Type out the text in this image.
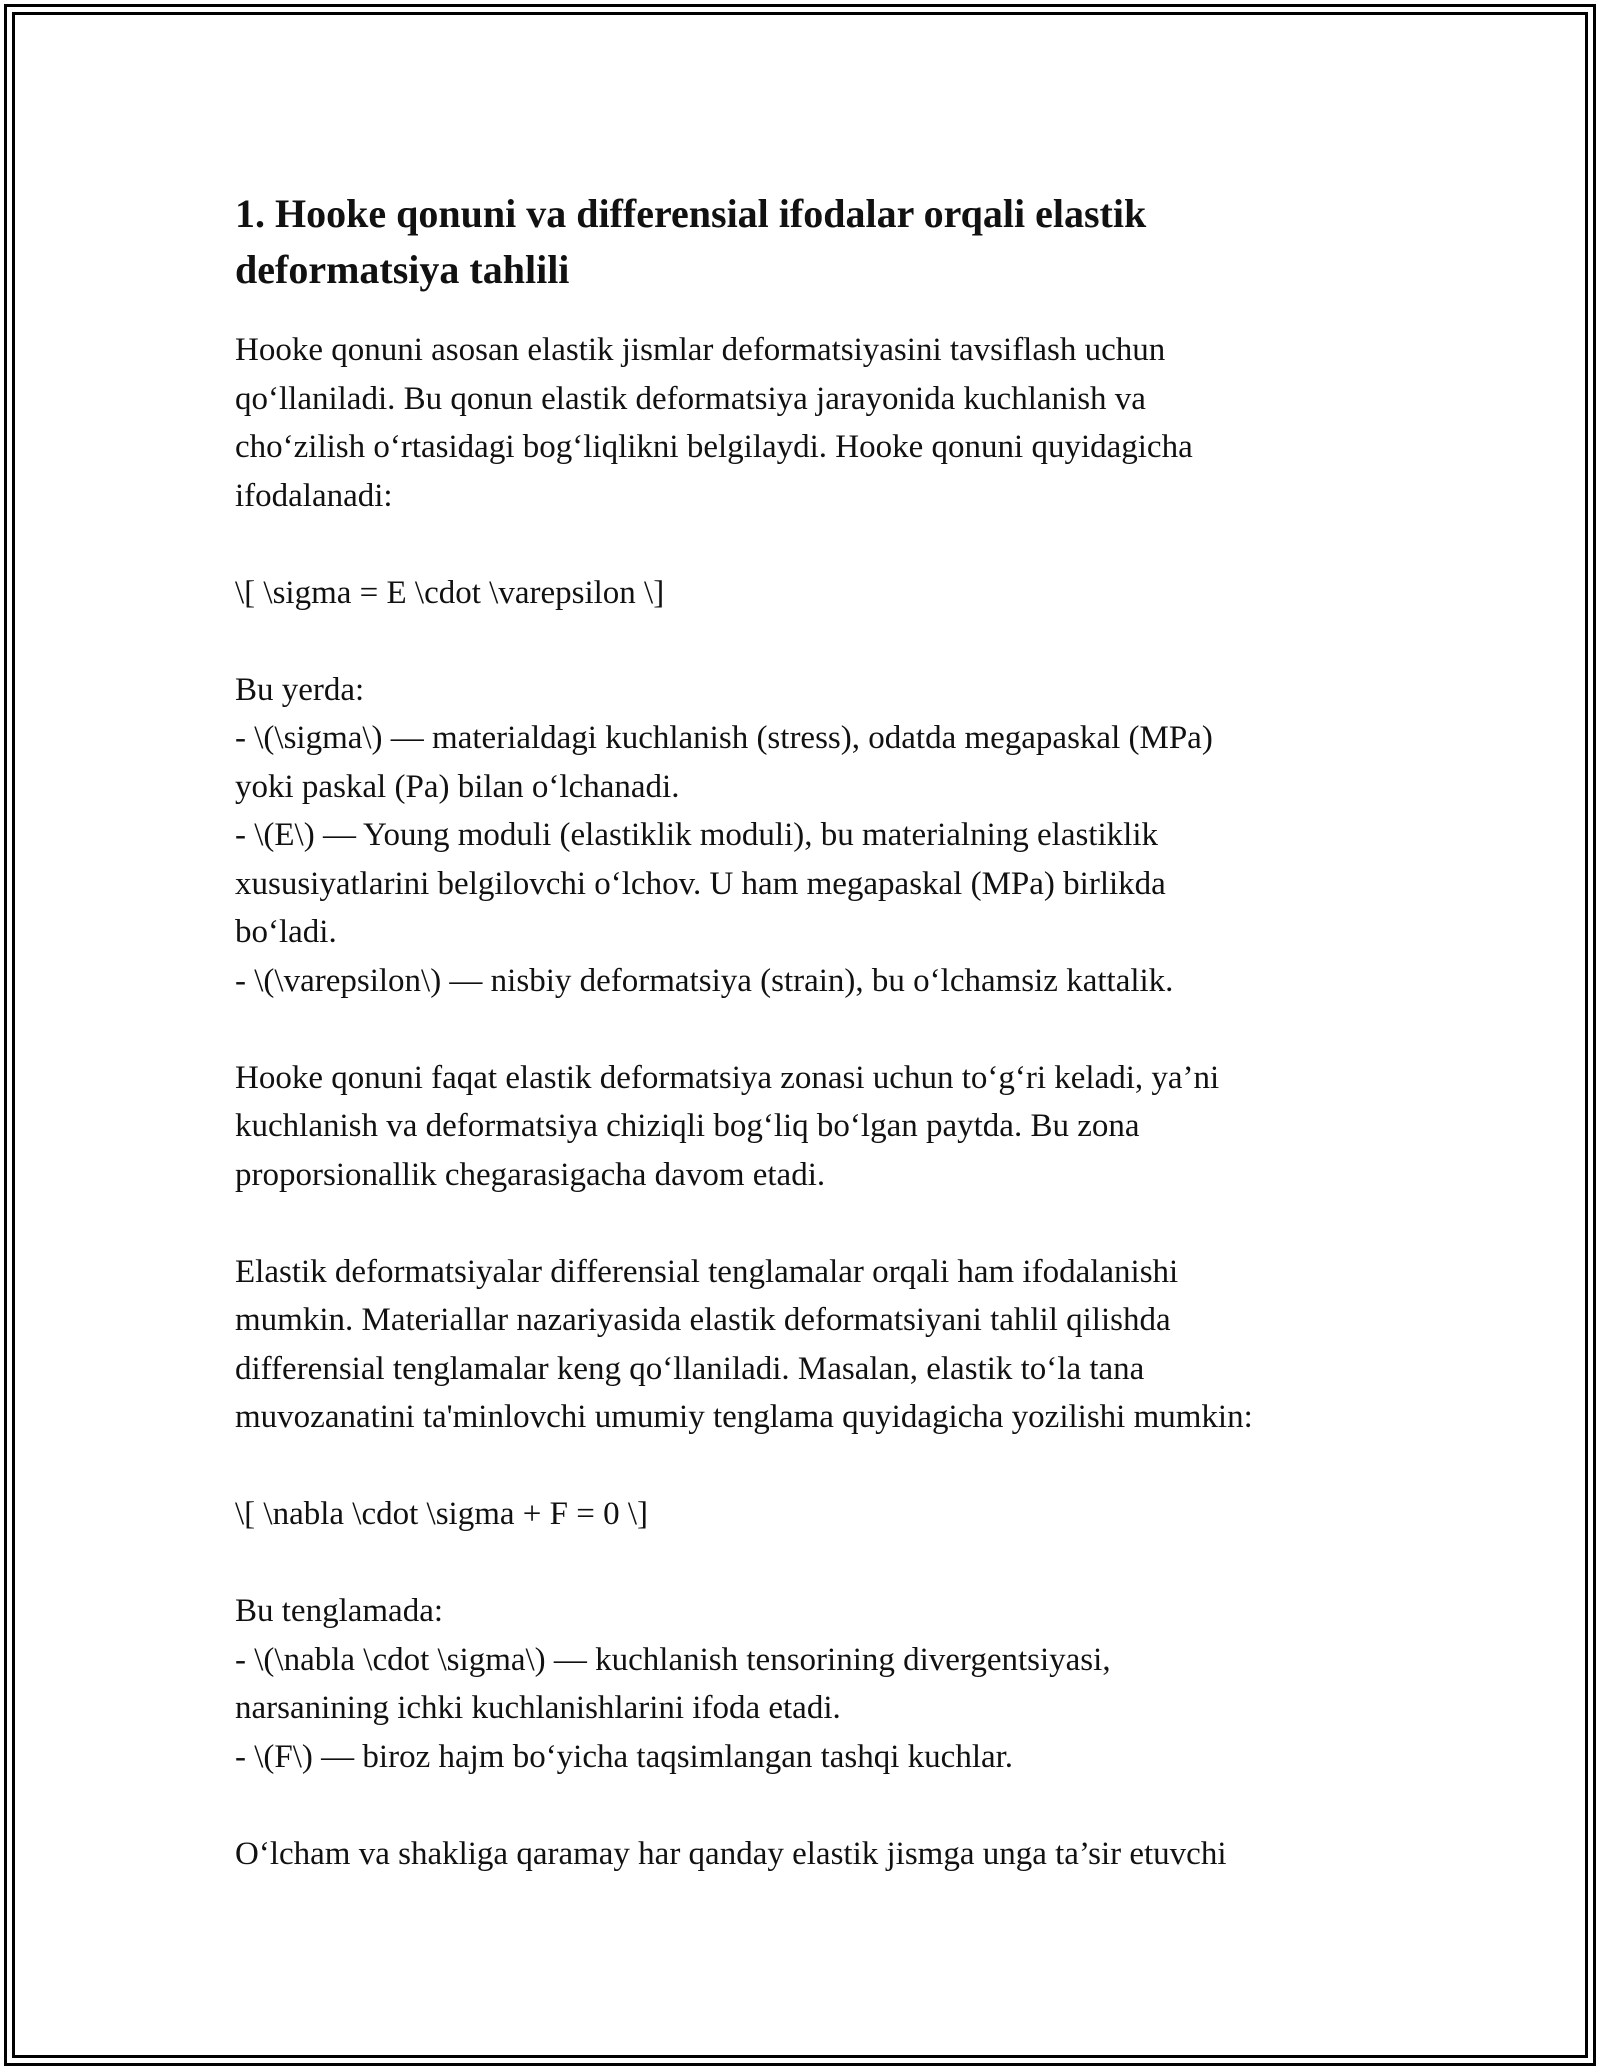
1. Hooke qonuni va differensial ifodalar orqali elastik
deformatsiya tahlili
Hooke qonuni asosan elastik jismlar deformatsiyasini tavsiflash uchun
qo‘llaniladi. Bu qonun elastik deformatsiya jarayonida kuchlanish va
cho‘zilish o‘rtasidagi bog‘liqlikni belgilaydi. Hooke qonuni quyidagicha
ifodalanadi:
\[ \sigma = E \cdot \varepsilon \]
Bu yerda:
- \(\sigma\) — materialdagi kuchlanish (stress), odatda megapaskal (MPa)
yoki paskal (Pa) bilan o‘lchanadi.
- \(E\) — Young moduli (elastiklik moduli), bu materialning elastiklik
xususiyatlarini belgilovchi o‘lchov. U ham megapaskal (MPa) birlikda
bo‘ladi.
- \(\varepsilon\) — nisbiy deformatsiya (strain), bu o‘lchamsiz kattalik.
Hooke qonuni faqat elastik deformatsiya zonasi uchun to‘g‘ri keladi, ya’ni
kuchlanish va deformatsiya chiziqli bog‘liq bo‘lgan paytda. Bu zona
proporsionallik chegarasigacha davom etadi.
Elastik deformatsiyalar differensial tenglamalar orqali ham ifodalanishi
mumkin. Materiallar nazariyasida elastik deformatsiyani tahlil qilishda
differensial tenglamalar keng qo‘llaniladi. Masalan, elastik to‘la tana
muvozanatini ta'minlovchi umumiy tenglama quyidagicha yozilishi mumkin:
\[ \nabla \cdot \sigma + F = 0 \]
Bu tenglamada:
- \(\nabla \cdot \sigma\) — kuchlanish tensorining divergentsiyasi,
narsanining ichki kuchlanishlarini ifoda etadi.
- \(F\) — biroz hajm bo‘yicha taqsimlangan tashqi kuchlar.
O‘lcham va shakliga qaramay har qanday elastik jismga unga ta’sir etuvchi
